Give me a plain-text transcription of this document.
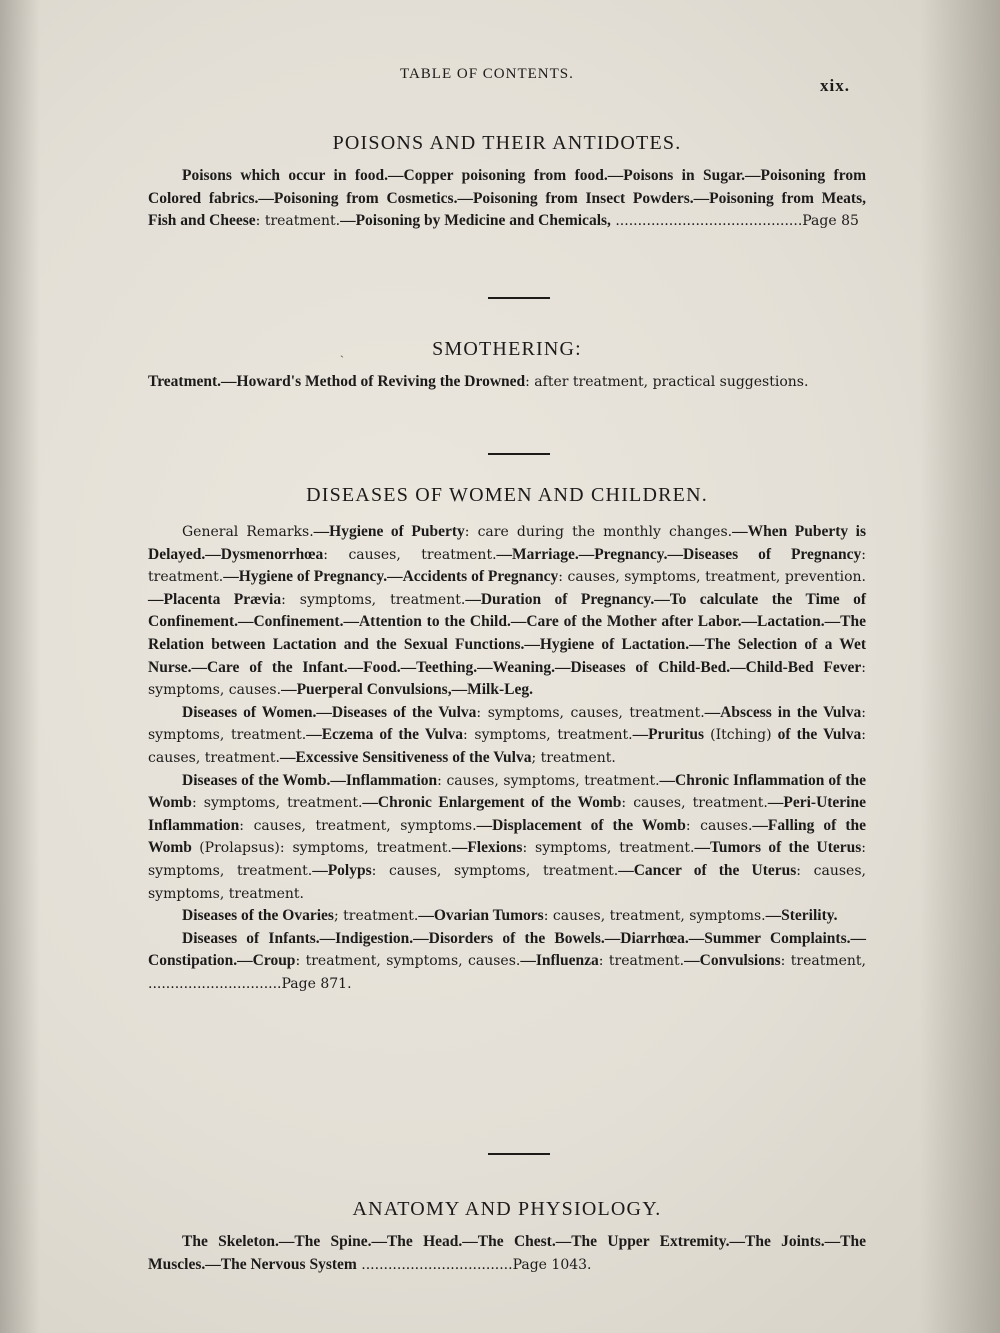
TABLE OF CONTENTS.
xix.
POISONS AND THEIR ANTIDOTES.

Poisons which occur in food.—Copper poisoning from food.—Poisons in Sugar.—Poisoning from Colored fabrics.—Poisoning from Cosmetics.—Poisoning from Insect Powders.—Poisoning from Meats, Fish and Cheese: treatment.—Poisoning by Medicine and Chemicals, ..........................................Page 85

ˎ	SMOTHERING:

Treatment.—Howard's Method of Reviving the Drowned: after treatment, practical suggestions.

DISEASES OF WOMEN AND CHILDREN.

General Remarks.—Hygiene of Puberty: care during the monthly changes.—When Puberty is Delayed.—Dysmenorrhœa: causes, treatment.—Marriage.—Pregnancy.—Diseases of Pregnancy: treatment.—Hygiene of Pregnancy.—Accidents of Pregnancy: causes, symptoms, treatment, prevention.—Placenta Prævia: symptoms, treatment.—Duration of Pregnancy.—To calculate the Time of Confinement.—Confinement.—Attention to the Child.—Care of the Mother after Labor.—Lactation.—The Relation between Lactation and the Sexual Functions.—Hygiene of Lactation.—The Selection of a Wet Nurse.—Care of the Infant.—Food.—Teething.—Weaning.—Diseases of Child-Bed.—Child-Bed Fever: symptoms, causes.—Puerperal Convulsions,—Milk-Leg.

Diseases of Women.—Diseases of the Vulva: symptoms, causes, treatment.—Abscess in the Vulva: symptoms, treatment.—Eczema of the Vulva: symptoms, treatment.—Pruritus (Itching) of the Vulva: causes, treatment.—Excessive Sensitiveness of the Vulva; treatment.

Diseases of the Womb.—Inflammation: causes, symptoms, treatment.—Chronic Inflammation of the Womb: symptoms, treatment.—Chronic Enlargement of the Womb: causes, treatment.—Peri-Uterine Inflammation: causes, treatment, symptoms.—Displacement of the Womb: causes.—Falling of the Womb (Prolapsus): symptoms, treatment.—Flexions: symptoms, treatment.—Tumors of the Uterus: symptoms, treatment.—Polyps: causes, symptoms, treatment.—Cancer of the Uterus: causes, symptoms, treatment.

Diseases of the Ovaries; treatment.—Ovarian Tumors: causes, treatment, symptoms.—Sterility.

Diseases of Infants.—Indigestion.—Disorders of the Bowels.—Diarrhœa.—Summer Complaints.—Constipation.—Croup: treatment, symptoms, causes.—Influenza: treatment.—Convulsions: treatment, ..............................Page 871.

ANATOMY AND PHYSIOLOGY.

The Skeleton.—The Spine.—The Head.—The Chest.—The Upper Extremity.—The Joints.—The Muscles.—The Nervous System ..................................Page 1043.
